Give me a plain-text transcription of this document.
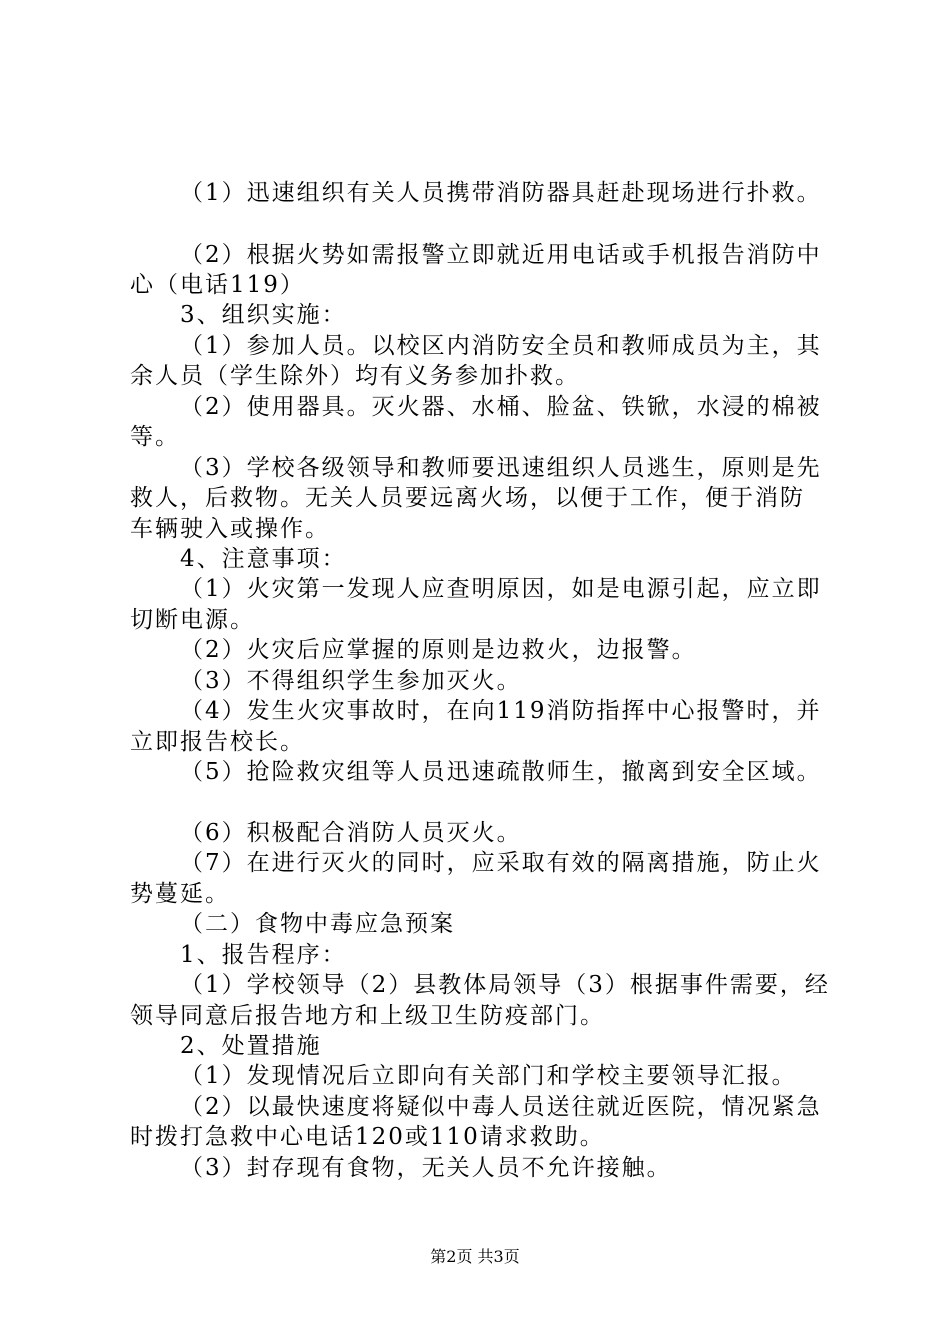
（1）迅速组织有关人员携带消防器具赶赴现场进行扑救。
（2）根据火势如需报警立即就近用电话或手机报告消防中
心（电话119）
3、组织实施：
（1）参加人员。以校区内消防安全员和教师成员为主，其
余人员（学生除外）均有义务参加扑救。
（2）使用器具。灭火器、水桶、脸盆、铁锨，水浸的棉被
等。
（3）学校各级领导和教师要迅速组织人员逃生，原则是先
救人，后救物。无关人员要远离火场，以便于工作，便于消防
车辆驶入或操作。
4、注意事项：
（1）火灾第一发现人应查明原因，如是电源引起，应立即
切断电源。
（2）火灾后应掌握的原则是边救火，边报警。
（3）不得组织学生参加灭火。
（4）发生火灾事故时，在向119消防指挥中心报警时，并
立即报告校长。
（5）抢险救灾组等人员迅速疏散师生，撤离到安全区域。
（6）积极配合消防人员灭火。
（7）在进行灭火的同时，应采取有效的隔离措施，防止火
势蔓延。
（二）食物中毒应急预案
1、报告程序：
（1）学校领导（2）县教体局领导（3）根据事件需要，经
领导同意后报告地方和上级卫生防疫部门。
2、处置措施
（1）发现情况后立即向有关部门和学校主要领导汇报。
（2）以最快速度将疑似中毒人员送往就近医院，情况紧急
时拨打急救中心电话120或110请求救助。
（3）封存现有食物，无关人员不允许接触。
第2页 共3页
